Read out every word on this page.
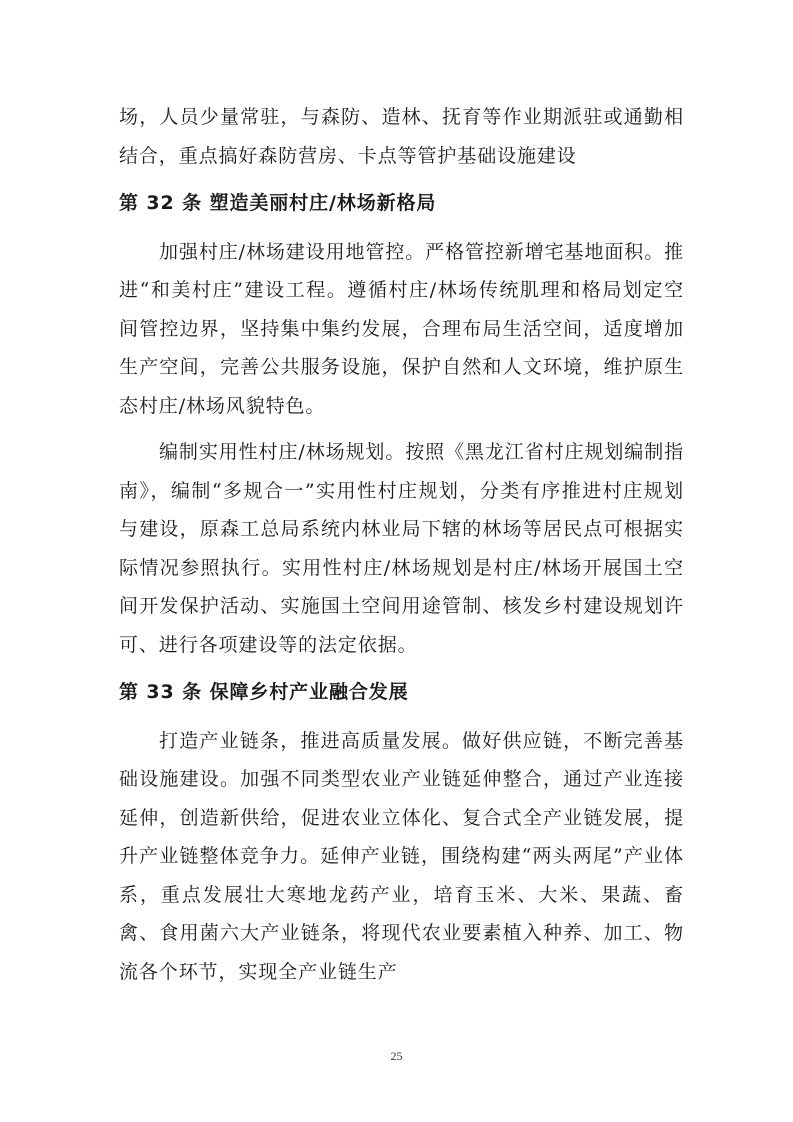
场，人员少量常驻，与森防、造林、抚育等作业期派驻或通勤相结合，重点搞好森防营房、卡点等管护基础设施建设

第 32 条 塑造美丽村庄/林场新格局

加强村庄/林场建设用地管控。严格管控新增宅基地面积。推进“和美村庄”建设工程。遵循村庄/林场传统肌理和格局划定空间管控边界，坚持集中集约发展，合理布局生活空间，适度增加生产空间，完善公共服务设施，保护自然和人文环境，维护原生态村庄/林场风貌特色。

编制实用性村庄/林场规划。按照《黑龙江省村庄规划编制指南》，编制“多规合一”实用性村庄规划，分类有序推进村庄规划与建设，原森工总局系统内林业局下辖的林场等居民点可根据实际情况参照执行。实用性村庄/林场规划是村庄/林场开展国土空间开发保护活动、实施国土空间用途管制、核发乡村建设规划许可、进行各项建设等的法定依据。

第 33 条 保障乡村产业融合发展

打造产业链条，推进高质量发展。做好供应链，不断完善基础设施建设。加强不同类型农业产业链延伸整合，通过产业连接延伸，创造新供给，促进农业立体化、复合式全产业链发展，提升产业链整体竞争力。延伸产业链，围绕构建“两头两尾”产业体系，重点发展壮大寒地龙药产业，培育玉米、大米、果蔬、畜禽、食用菌六大产业链条，将现代农业要素植入种养、加工、物流各个环节，实现全产业链生产

25
